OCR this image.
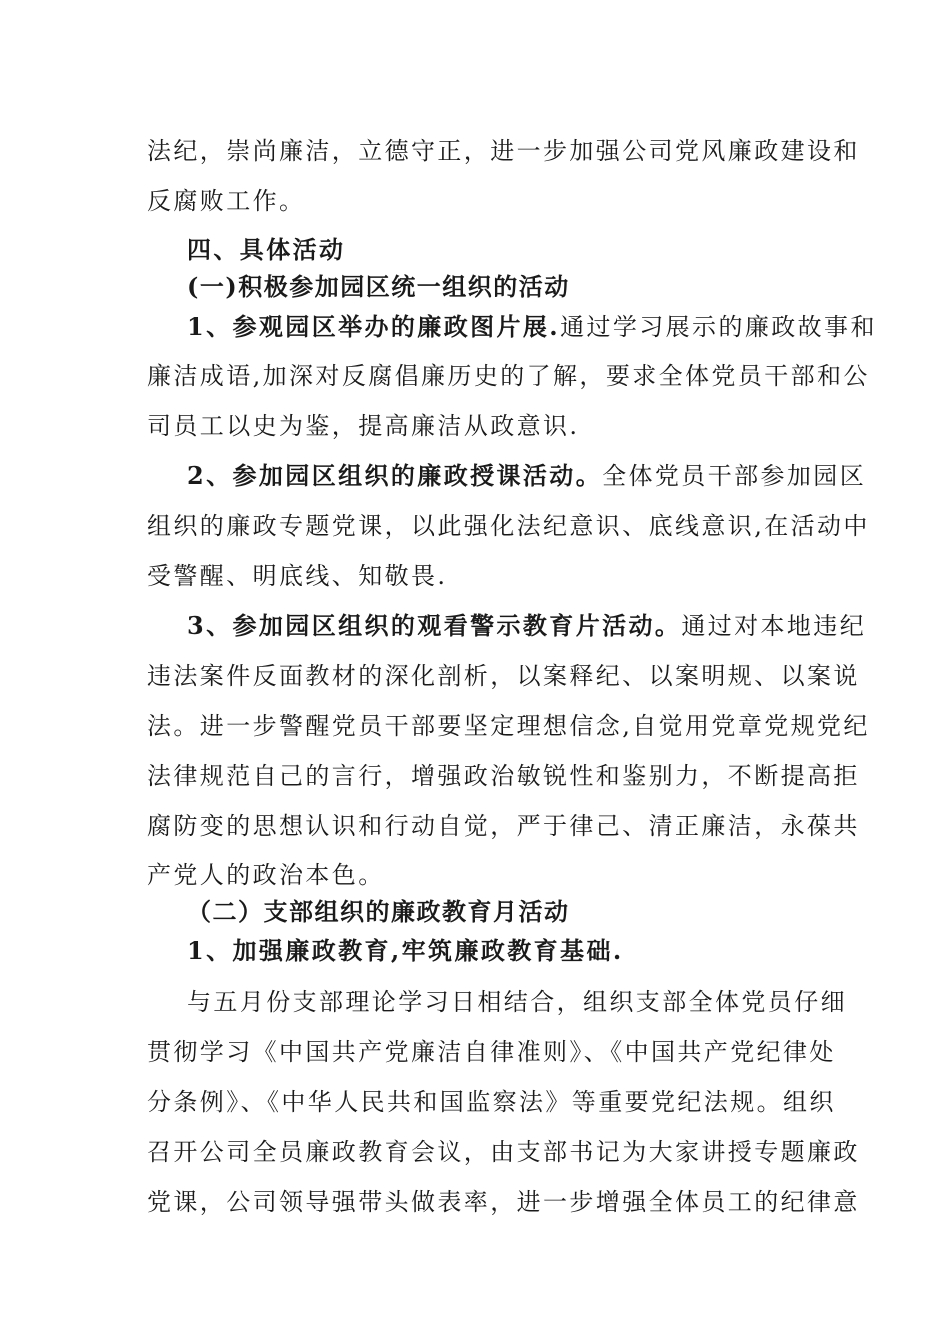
法纪，崇尚廉洁，立德守正，进一步加强公司党风廉政建设和
反腐败工作。
四、具体活动
(一)积极参加园区统一组织的活动
1、参观园区举办的廉政图片展.通过学习展示的廉政故事和
廉洁成语,加深对反腐倡廉历史的了解，要求全体党员干部和公
司员工以史为鉴，提高廉洁从政意识.
2、参加园区组织的廉政授课活动。全体党员干部参加园区
组织的廉政专题党课，以此强化法纪意识、底线意识,在活动中
受警醒、明底线、知敬畏.
3、参加园区组织的观看警示教育片活动。通过对本地违纪
违法案件反面教材的深化剖析，以案释纪、以案明规、以案说
法。进一步警醒党员干部要坚定理想信念,自觉用党章党规党纪
法律规范自己的言行，增强政治敏锐性和鉴别力，不断提高拒
腐防变的思想认识和行动自觉，严于律己、清正廉洁，永葆共
产党人的政治本色。
（二）支部组织的廉政教育月活动
1、加强廉政教育,牢筑廉政教育基础.
与五月份支部理论学习日相结合，组织支部全体党员仔细
贯彻学习《中国共产党廉洁自律准则》、《中国共产党纪律处
分条例》、《中华人民共和国监察法》等重要党纪法规。组织
召开公司全员廉政教育会议，由支部书记为大家讲授专题廉政
党课，公司领导强带头做表率，进一步增强全体员工的纪律意
